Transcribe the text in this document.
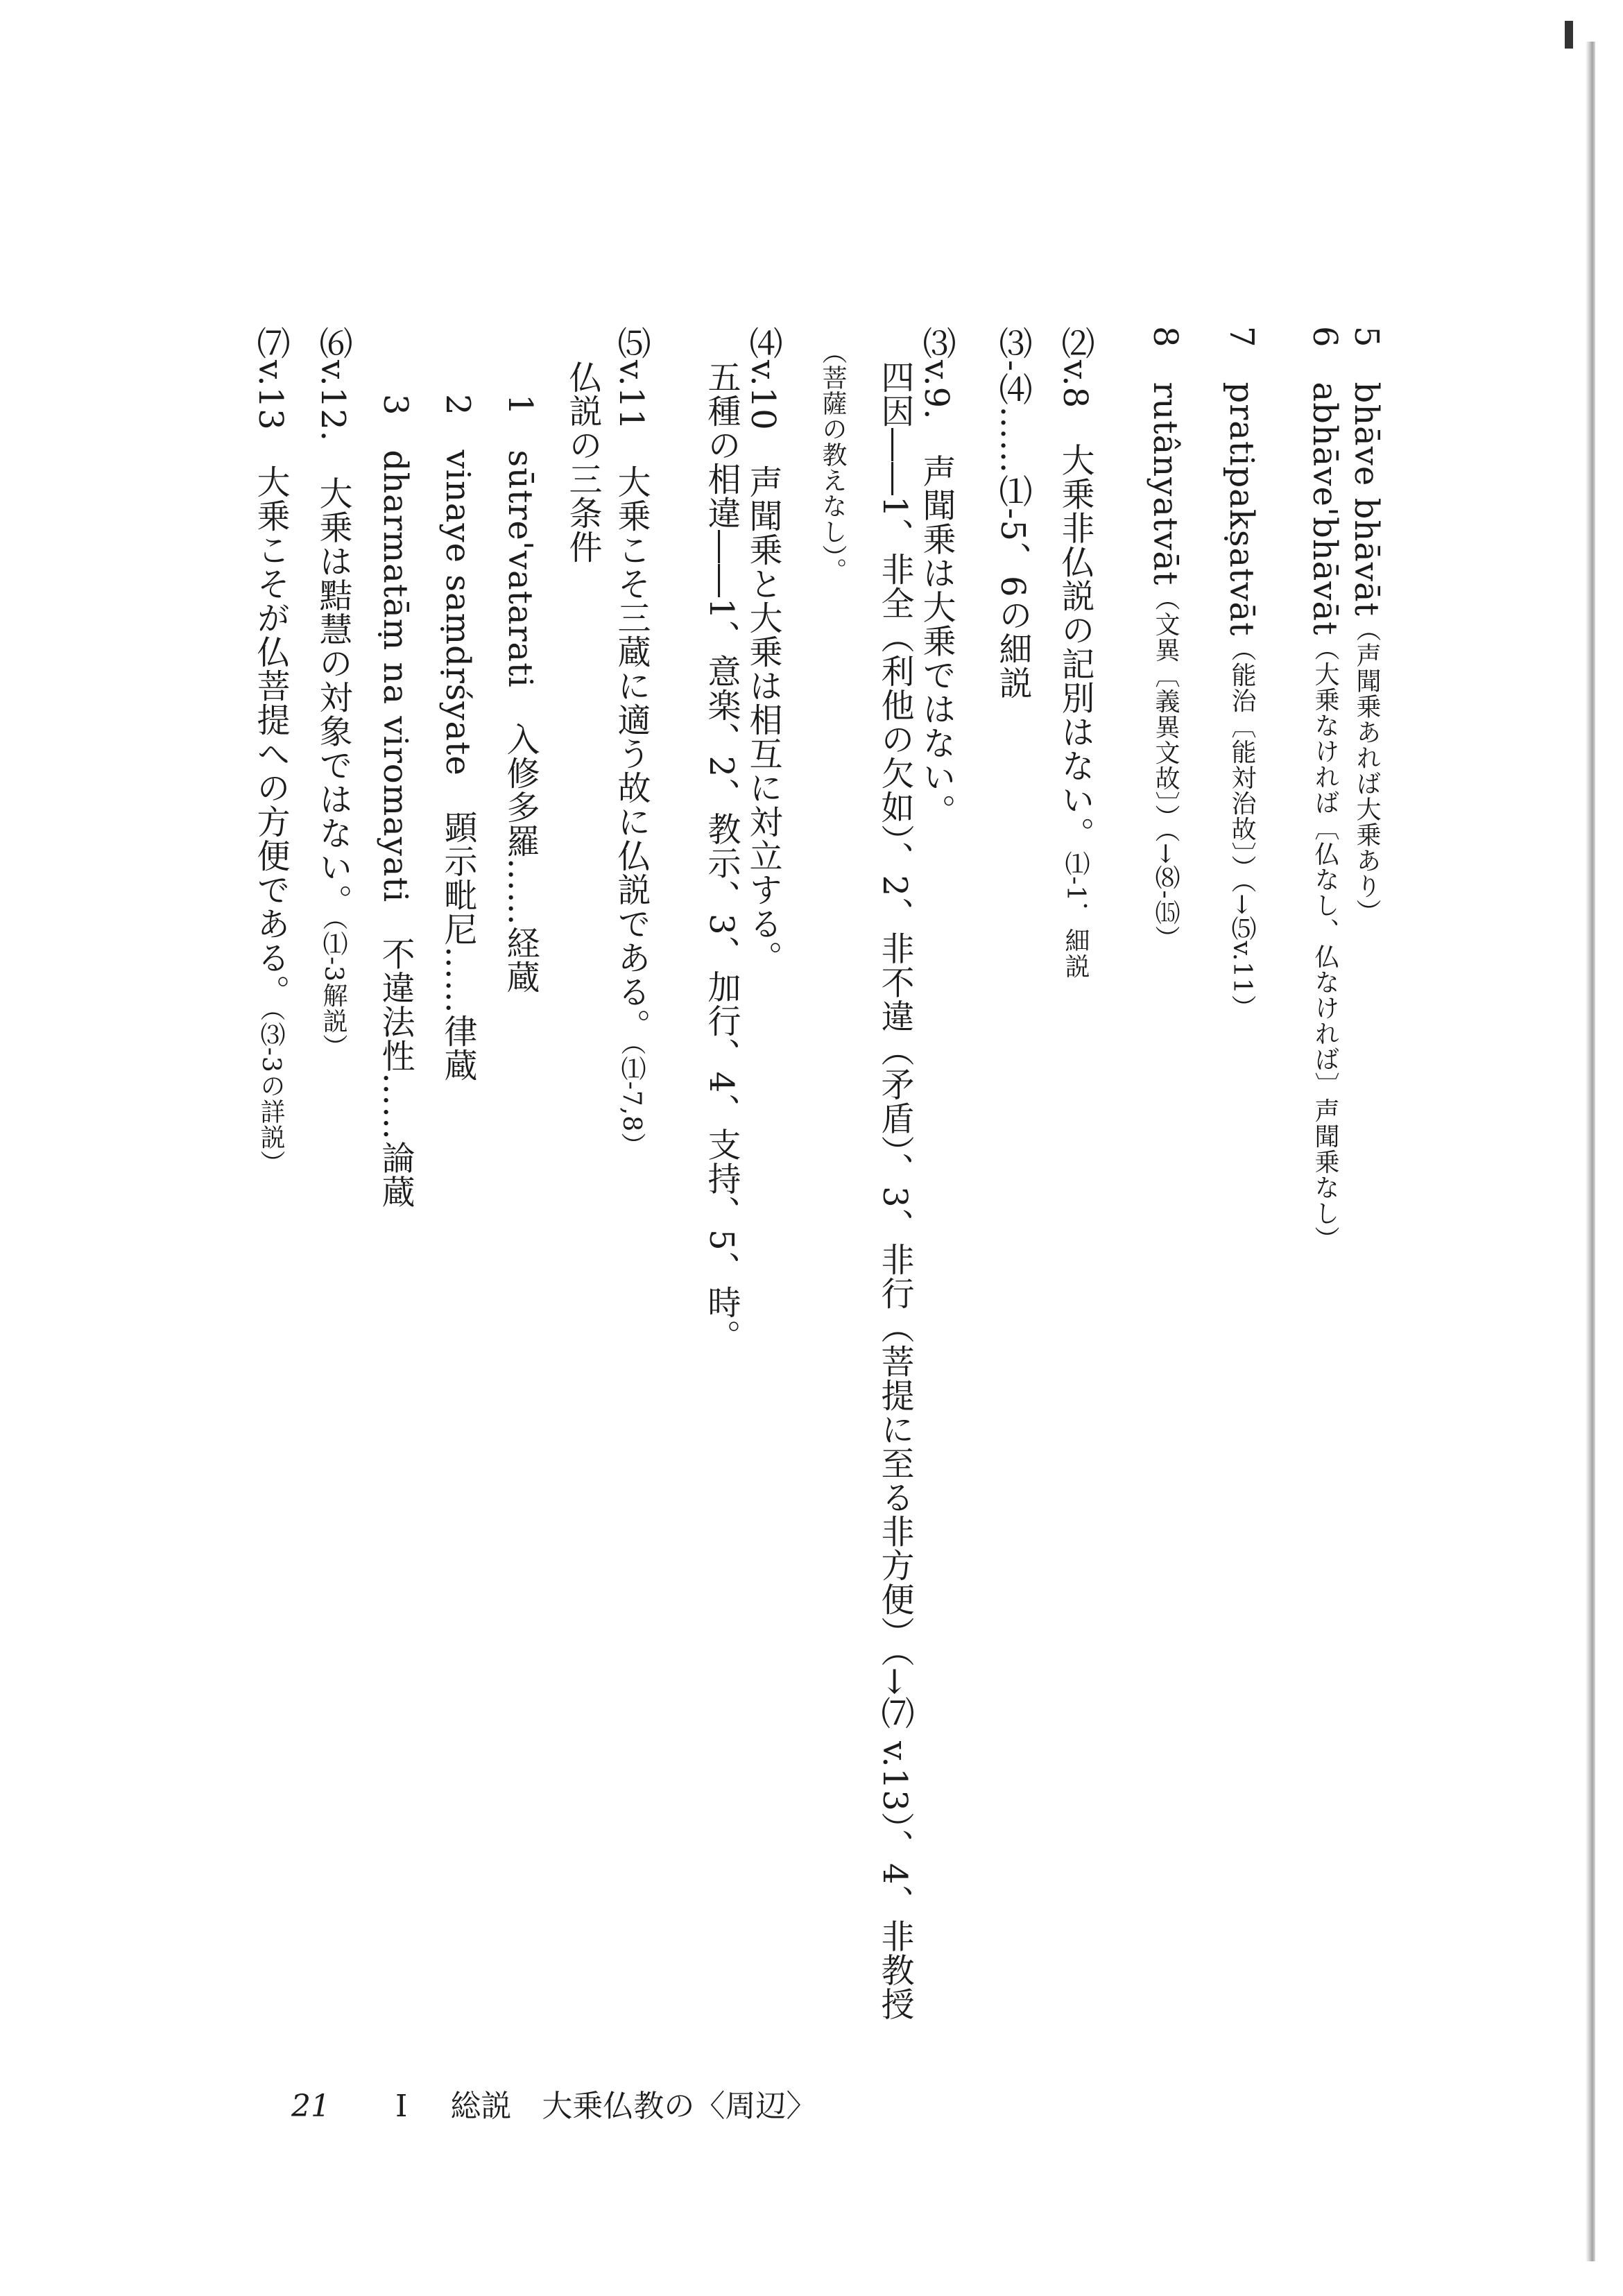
5　bhāve bhāvāt（声聞乗あれば大乗あり）
6　abhāve'bhāvāt（大乗なければ〔仏なし、仏なければ〕声聞乗なし）
7　pratipakṣatvāt（能治〔能対治故〕）（→⑸v.11）
8　rutânyatvāt（文異〔義異文故〕）（→⑻-⒂）
⑵v.8　大乗非仏説の記別はない。⑴-1．細説
⑶-⑷……⑴-5、6の細説
⑶v.9.　声聞乗は大乗ではない。
　四因――1、非全（利他の欠如）、2、非不違（矛盾）、3、非行（菩提に至る非方便）（→⑺ v.13）、4、非教授
　（菩薩の教えなし）。
⑷v.10　声聞乗と大乗は相互に対立する。
　五種の相違――1、意楽、2、教示、3、加行、4、支持、5、時。
⑸v.11　大乗こそ三蔵に適う故に仏説である。（⑴-7,8）
　仏説の三条件
　　1　sūtre'vatarati　入修多羅……経蔵
　　2　vinaye saṃdṛśyate　顕示毗尼……律蔵
　　3　dharmatāṃ na viromayati　不違法性……論蔵
⑹v.12.　大乗は黠慧の対象ではない。（⑴-3解説）
⑺v.13　大乗こそが仏菩提への方便である。（⑶-3の詳説）
21 I 総説　大乗仏教の〈周辺〉
